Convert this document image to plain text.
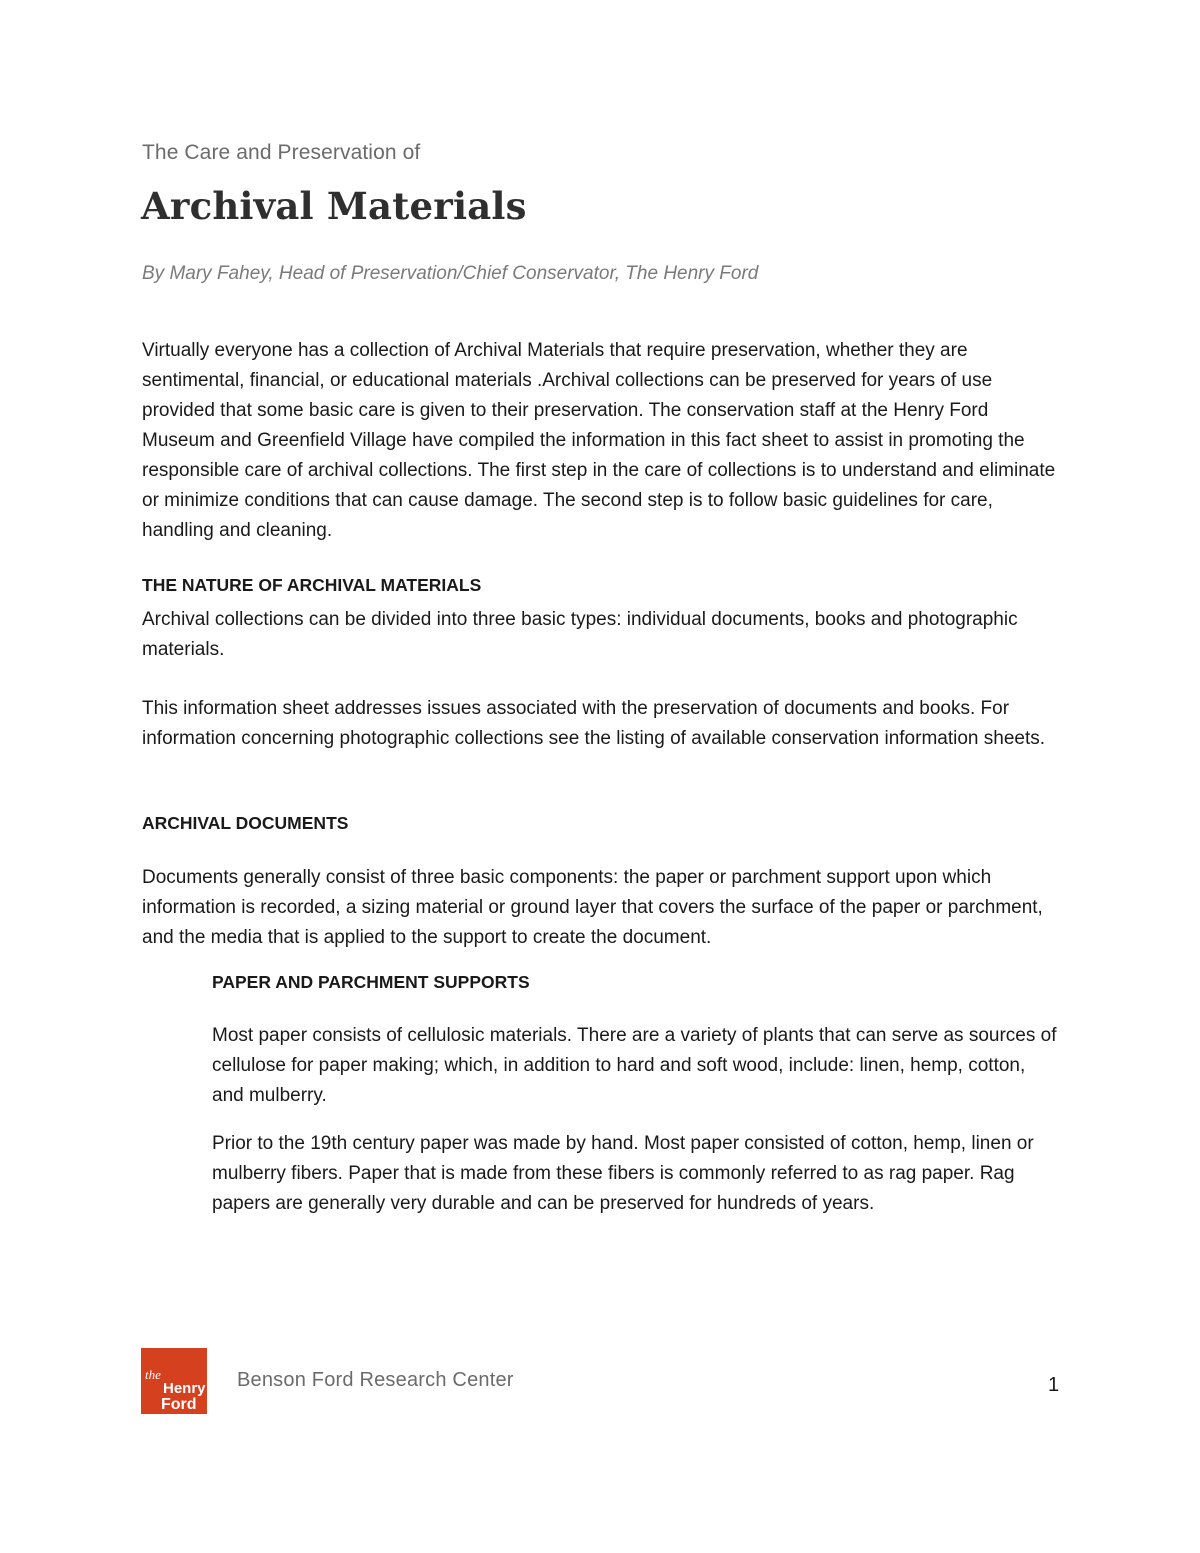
The Care and Preservation of
Archival Materials
By Mary Fahey, Head of Preservation/Chief Conservator, The Henry Ford

Virtually everyone has a collection of Archival Materials that require preservation, whether they are sentimental, financial, or educational materials .Archival collections can be preserved for years of use provided that some basic care is given to their preservation. The conservation staff at the Henry Ford Museum and Greenfield Village have compiled the information in this fact sheet to assist in promoting the responsible care of archival collections. The first step in the care of collections is to understand and eliminate or minimize conditions that can cause damage. The second step is to follow basic guidelines for care, handling and cleaning.

THE NATURE OF ARCHIVAL MATERIALS

Archival collections can be divided into three basic types: individual documents, books and photographic materials.

This information sheet addresses issues associated with the preservation of documents and books. For information concerning photographic collections see the listing of available conservation information sheets.

ARCHIVAL DOCUMENTS

Documents generally consist of three basic components: the paper or parchment support upon which information is recorded, a sizing material or ground layer that covers the surface of the paper or parchment, and the media that is applied to the support to create the document.

PAPER AND PARCHMENT SUPPORTS

Most paper consists of cellulosic materials. There are a variety of plants that can serve as sources of cellulose for paper making; which, in addition to hard and soft wood, include: linen, hemp, cotton, and mulberry.

Prior to the 19th century paper was made by hand. Most paper consisted of cotton, hemp, linen or mulberry fibers. Paper that is made from these fibers is commonly referred to as rag paper. Rag papers are generally very durable and can be preserved for hundreds of years.

the
Henry
Ford
Benson Ford Research Center	1
